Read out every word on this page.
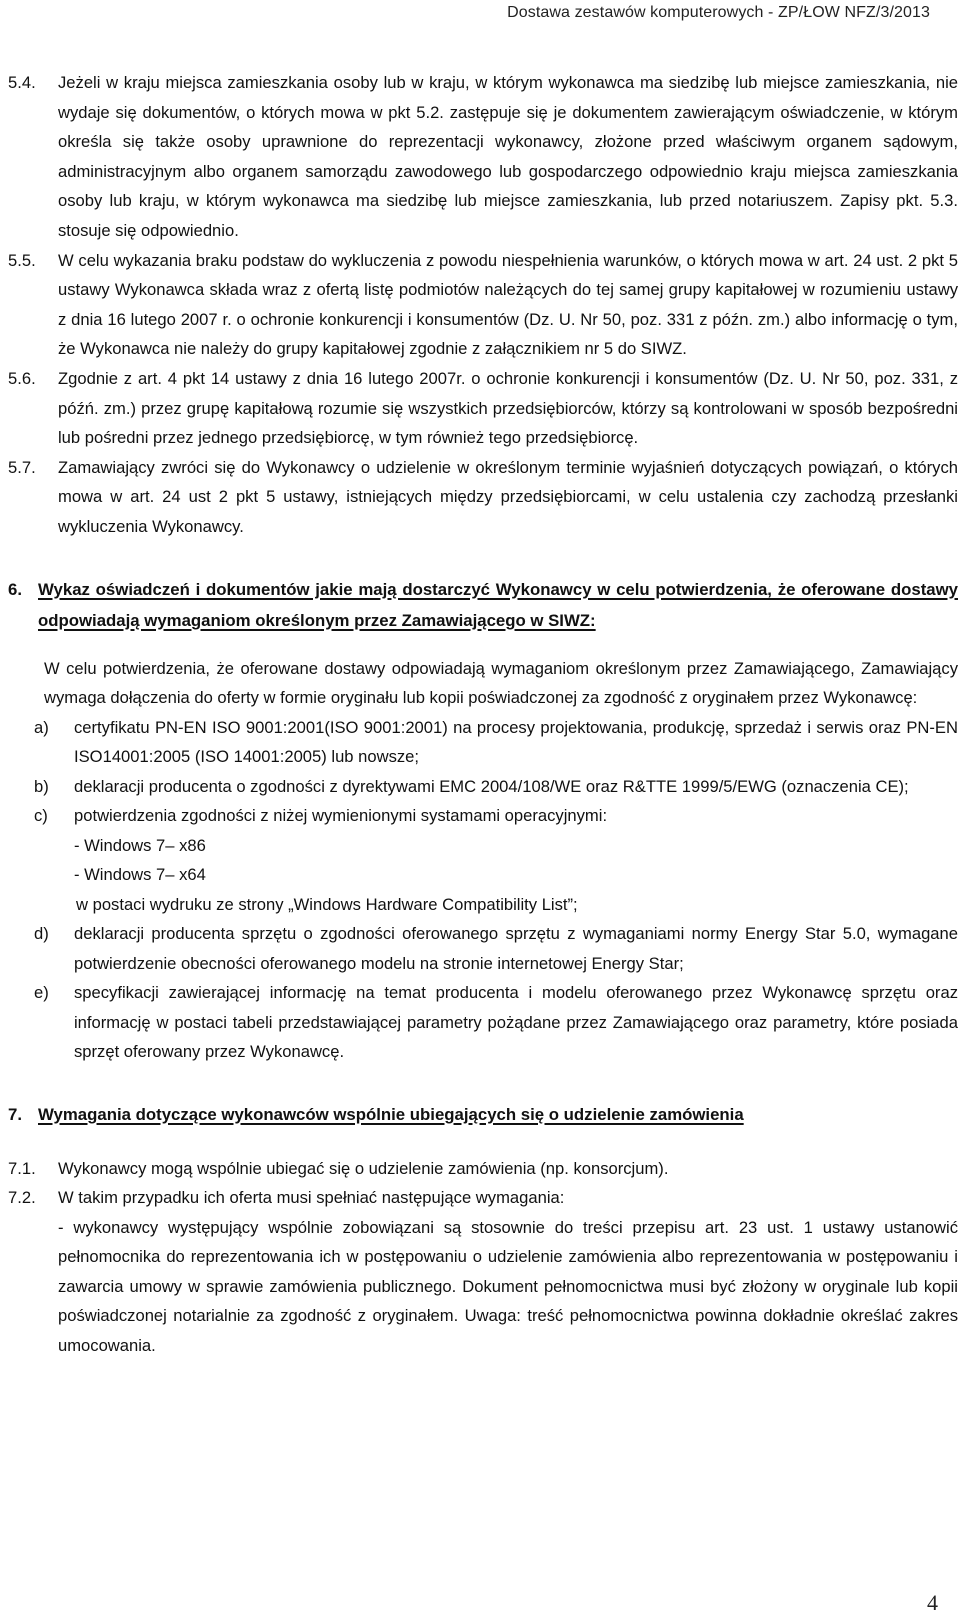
Dostawa zestawów komputerowych - ZP/ŁOW NFZ/3/2013
5.4.	Jeżeli w kraju miejsca zamieszkania osoby lub w kraju, w którym wykonawca ma siedzibę lub miejsce zamieszkania, nie wydaje się dokumentów, o których mowa w pkt 5.2. zastępuje się je dokumentem zawierającym oświadczenie, w którym określa się także osoby uprawnione do reprezentacji wykonawcy, złożone przed właściwym organem sądowym, administracyjnym albo organem samorządu zawodowego lub gospodarczego odpowiednio kraju miejsca zamieszkania osoby lub kraju, w którym wykonawca ma siedzibę lub miejsce zamieszkania, lub przed notariuszem. Zapisy pkt. 5.3. stosuje się odpowiednio.
5.5.	W celu wykazania braku podstaw do wykluczenia z powodu niespełnienia warunków, o których mowa w art. 24 ust. 2 pkt 5 ustawy Wykonawca składa wraz z ofertą listę podmiotów należących do tej samej grupy kapitałowej w rozumieniu ustawy z dnia 16 lutego 2007 r. o ochronie konkurencji i konsumentów (Dz. U. Nr 50, poz. 331 z późn. zm.) albo informację o tym, że Wykonawca nie należy do grupy kapitałowej zgodnie z załącznikiem nr 5 do SIWZ.
5.6.	Zgodnie z art. 4 pkt 14 ustawy z dnia 16 lutego 2007r. o ochronie konkurencji i konsumentów (Dz. U. Nr 50, poz. 331, z późń. zm.) przez grupę kapitałową rozumie się wszystkich przedsiębiorców, którzy są kontrolowani w sposób bezpośredni lub pośredni przez jednego przedsiębiorcę, w tym również tego przedsiębiorcę.
5.7.	Zamawiający zwróci się do Wykonawcy o udzielenie w określonym terminie wyjaśnień dotyczących powiązań, o których mowa w art. 24 ust 2 pkt 5 ustawy, istniejących między przedsiębiorcami, w celu ustalenia czy zachodzą przesłanki wykluczenia Wykonawcy.
6. Wykaz oświadczeń i dokumentów jakie mają dostarczyć Wykonawcy w celu potwierdzenia, że oferowane dostawy odpowiadają wymaganiom określonym przez Zamawiającego w SIWZ:
W celu potwierdzenia, że oferowane dostawy odpowiadają wymaganiom określonym przez Zamawiającego, Zamawiający wymaga dołączenia do oferty w formie oryginału lub kopii poświadczonej za zgodność z oryginałem przez Wykonawcę:
a)	certyfikatu PN-EN ISO 9001:2001(ISO 9001:2001) na procesy projektowania, produkcję, sprzedaż i serwis oraz PN-EN ISO14001:2005 (ISO 14001:2005) lub nowsze;
b)	deklaracji producenta o zgodności z dyrektywami EMC 2004/108/WE oraz R&TTE 1999/5/EWG (oznaczenia CE);
c)	potwierdzenia zgodności z niżej wymienionymi systamami operacyjnymi:
- Windows 7– x86
- Windows 7– x64
w postaci wydruku ze strony „Windows Hardware Compatibility List”;
d)	deklaracji producenta sprzętu o zgodności oferowanego sprzętu z wymaganiami normy Energy Star 5.0, wymagane potwierdzenie obecności oferowanego modelu na stronie internetowej Energy Star;
e)	specyfikacji zawierającej informację na temat producenta i modelu oferowanego przez Wykonawcę sprzętu oraz informację w postaci tabeli przedstawiającej parametry pożądane przez Zamawiającego oraz parametry, które posiada sprzęt oferowany przez Wykonawcę.
7. Wymagania dotyczące wykonawców wspólnie ubiegających się o udzielenie zamówienia
7.1.	Wykonawcy mogą wspólnie ubiegać się o udzielenie zamówienia (np. konsorcjum).
7.2.	W takim przypadku ich oferta musi spełniać następujące wymagania:
- wykonawcy występujący wspólnie zobowiązani są stosownie do treści przepisu art. 23 ust. 1 ustawy ustanowić pełnomocnika do reprezentowania ich w postępowaniu o udzielenie zamówienia albo reprezentowania w postępowaniu i zawarcia umowy w sprawie zamówienia publicznego. Dokument pełnomocnictwa musi być złożony w oryginale lub kopii poświadczonej notarialnie za zgodność z oryginałem. Uwaga: treść pełnomocnictwa powinna dokładnie określać zakres umocowania.
4
